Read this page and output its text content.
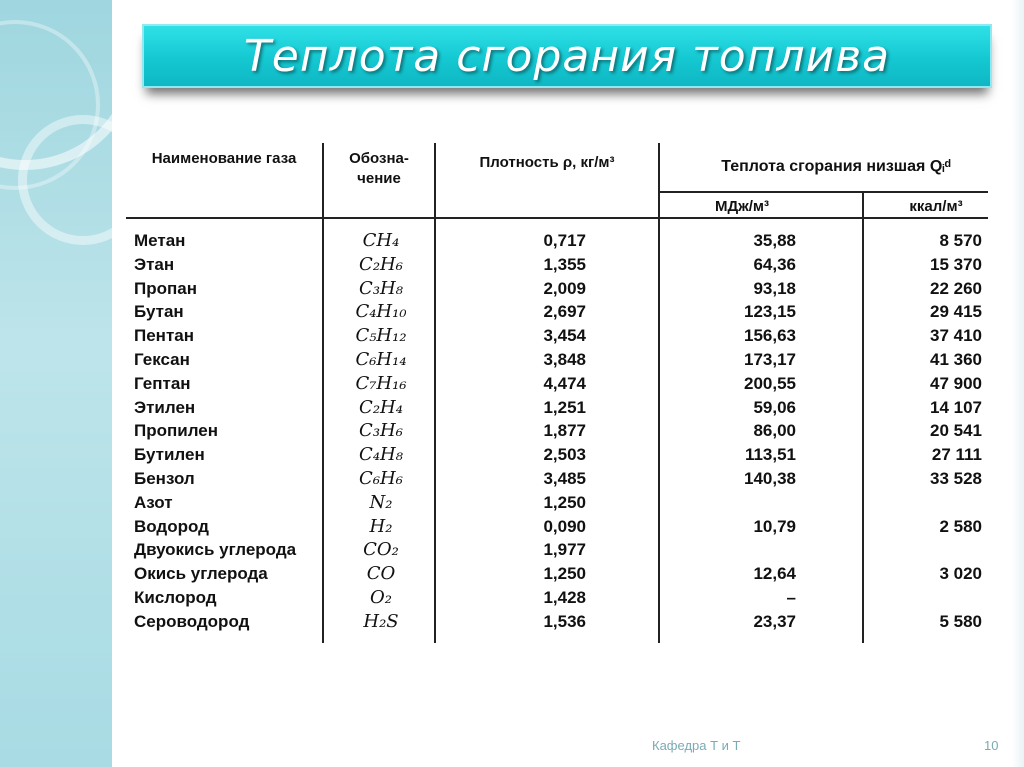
Теплота сгорания топлива
Наименование газа	Обозна-чение
Плотность ρ, кг/м³	Теплота сгорания низшая Qᵢᵈ
МДж/м³	ккал/м³
Метан	CH₄	0,717	35,88	8 570
Этан	C₂H₆	1,355	64,36	15 370
Пропан	C₃H₈	2,009	93,18	22 260
Бутан	C₄H₁₀	2,697	123,15	29 415
Пентан	C₅H₁₂	3,454	156,63	37 410
Гексан	C₆H₁₄	3,848	173,17	41 360
Гептан	C₇H₁₆	4,474	200,55	47 900
Этилен	C₂H₄	1,251	59,06	14 107
Пропилен	C₃H₆	1,877	86,00	20 541
Бутилен	C₄H₈	2,503	113,51	27 111
Бензол	C₆H₆	3,485	140,38	33 528
Азот	N₂	1,250
Водород	H₂	0,090	10,79	2 580
Двуокись углерода	CO₂	1,977
Окись углерода	CO	1,250	12,64	3 020
Кислород	O₂	1,428	–
Сероводород	H₂S	1,536	23,37	5 580
Кафедра Т и Т	10
